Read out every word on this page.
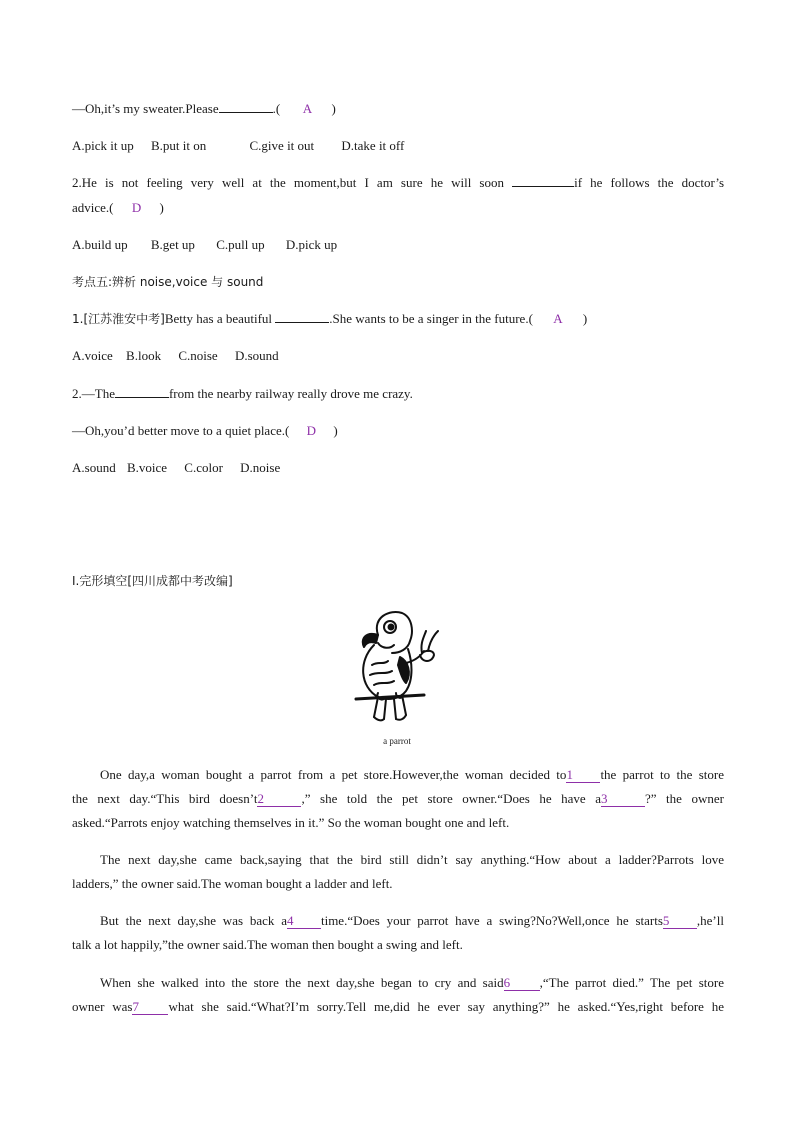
—Oh,it’s my sweater.Please	.( A )
A.pick it up B.put it on	C.give it out D.take it off
2.He is not feeling very well at the moment,but I am sure he will soon	if he follows the doctor’s
advice.( D )
A.build up B.get up C.pull up D.pick up
考点五:辨析 noise,voice 与 sound
1.[江苏淮安中考]Betty has a beautiful	.She wants to be a singer in the future.( A )
A.voice B.look C.noise D.sound
2.—The	from the nearby railway really drove me crazy.
—Oh,you’d better move to a quiet place.( D )
A.sound B.voice C.color D.noise
Ⅰ.完形填空[四川成都中考改编]
a parrot
One day,a woman bought a parrot from a pet store.However,the woman decided to1 the parrot to the store
the next day.“This bird doesn’t2	,” she told the pet store owner.“Does he have a3	?” the owner
asked.“Parrots enjoy watching themselves in it.” So the woman bought one and left.
The next day,she came back,saying that the bird still didn’t say anything.“How about a ladder?Parrots love
ladders,” the owner said.The woman bought a ladder and left.
But the next day,she was back a4 time.“Does your parrot have a swing?No?Well,once he starts5 ,he’ll
talk a lot happily,”the owner said.The woman then bought a swing and left.
When she walked into the store the next day,she began to cry and said6 ,“The parrot died.” The pet store
owner was7 what she said.“What?I’m sorry.Tell me,did he ever say anything?” he asked.“Yes,right before he
